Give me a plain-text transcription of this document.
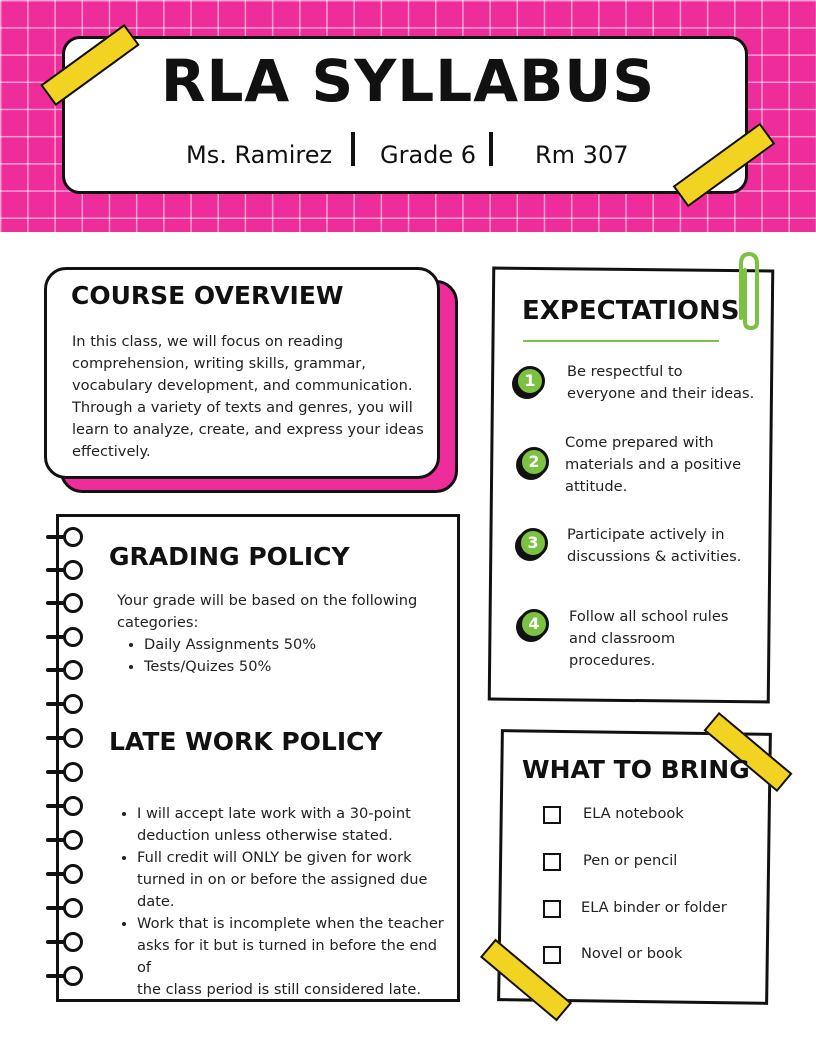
RLA SYLLABUS
Ms. Ramirez Grade 6 Rm 307
COURSE OVERVIEW
In this class, we will focus on reading
comprehension, writing skills, grammar,
vocabulary development, and communication.
Through a variety of texts and genres, you will
learn to analyze, create, and express your ideas
effectively.
GRADING POLICY
Your grade will be based on the following
categories:
• Daily Assignments 50%
• Tests/Quizes 50%
LATE WORK POLICY
• I will accept late work with a 30-point
deduction unless otherwise stated.
• Full credit will ONLY be given for work
turned in on or before the assigned due
date.
• Work that is incomplete when the teacher
asks for it but is turned in before the end of
the class period is still considered late.
EXPECTATIONS
1	Be respectful to
everyone and their ideas.
2
Come prepared with
materials and a positive
attitude.
3	Participate actively in
discussions & activities.
4	Follow all school rules
and classroom
procedures.
WHAT TO BRING
ELA notebook
Pen or pencil
ELA binder or folder
Novel or book
